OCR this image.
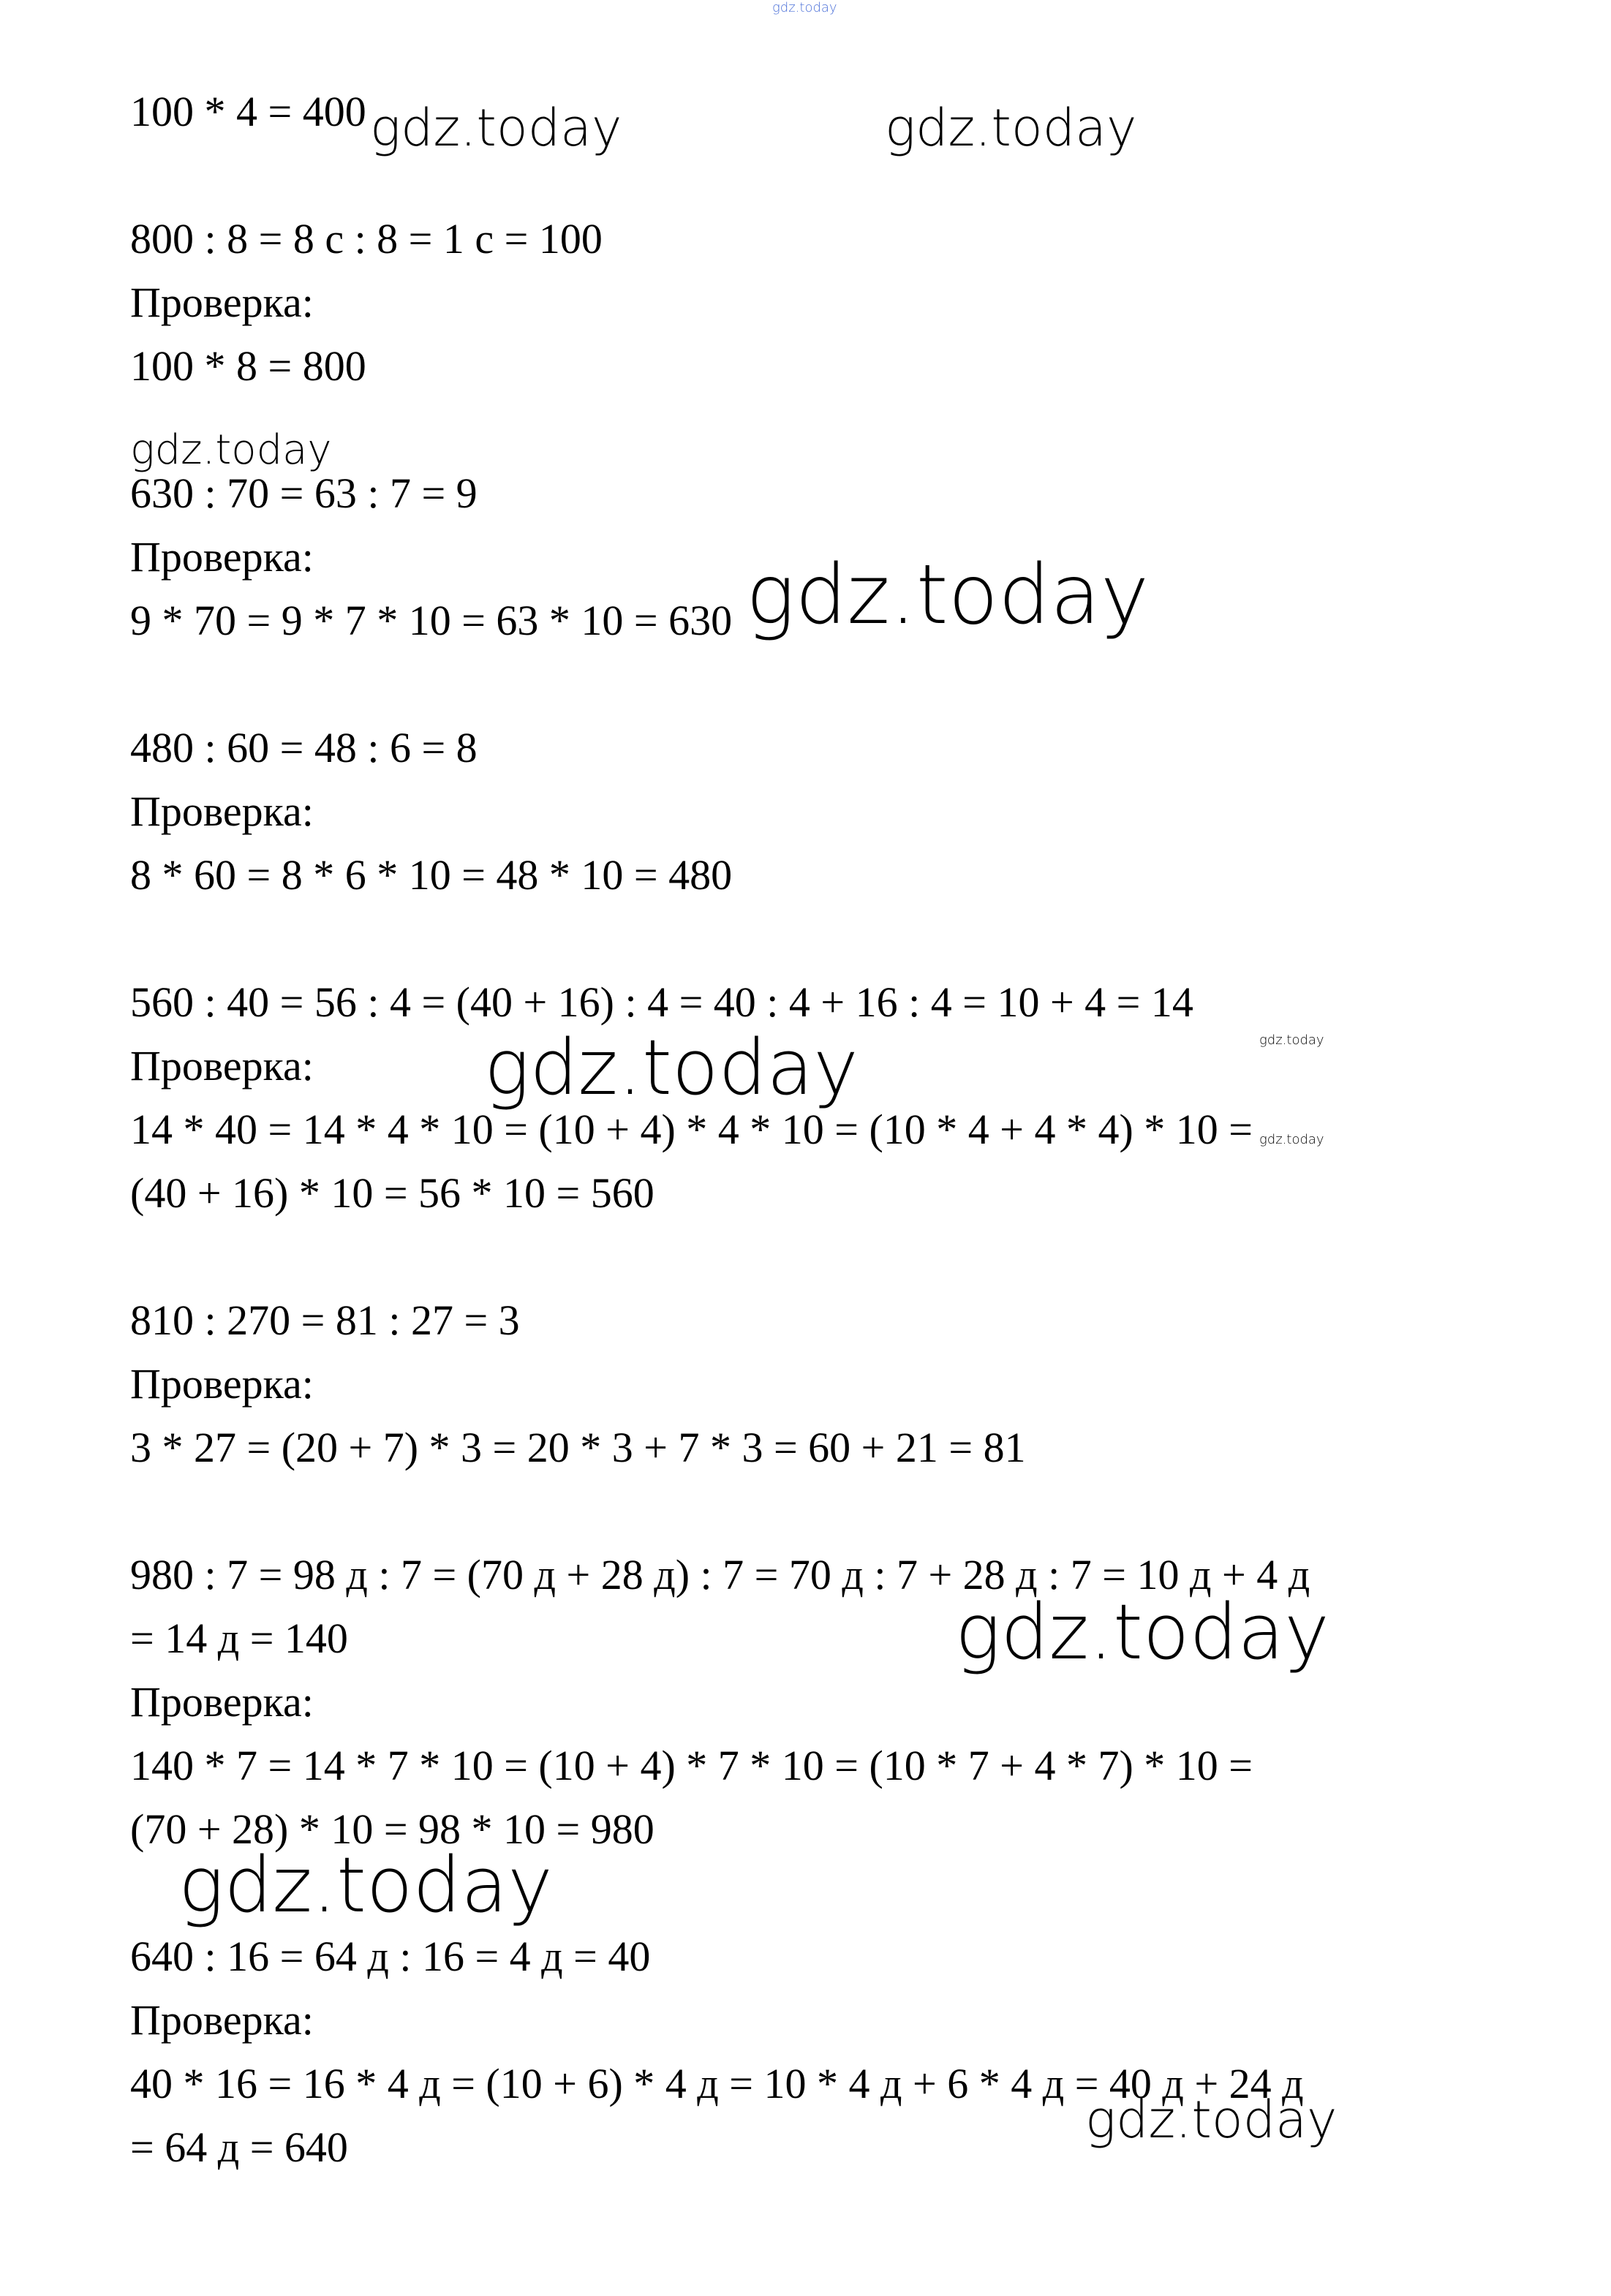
gdz.today
100 * 4 = 400
800 : 8 = 8 с : 8 = 1 с = 100
Проверка:
100 * 8 = 800
630 : 70 = 63 : 7 = 9
Проверка:
9 * 70 = 9 * 7 * 10 = 63 * 10 = 630
480 : 60 = 48 : 6 = 8
Проверка:
8 * 60 = 8 * 6 * 10 = 48 * 10 = 480
560 : 40 = 56 : 4 = (40 + 16) : 4 = 40 : 4 + 16 : 4 = 10 + 4 = 14
Проверка:
14 * 40 = 14 * 4 * 10 = (10 + 4) * 4 * 10 = (10 * 4 + 4 * 4) * 10 =
(40 + 16) * 10 = 56 * 10 = 560
810 : 270 = 81 : 27 = 3
Проверка:
3 * 27 = (20 + 7) * 3 = 20 * 3 + 7 * 3 = 60 + 21 = 81
980 : 7 = 98 д : 7 = (70 д + 28 д) : 7 = 70 д : 7 + 28 д : 7 = 10 д + 4 д
= 14 д = 140
Проверка:
140 * 7 = 14 * 7 * 10 = (10 + 4) * 7 * 10 = (10 * 7 + 4 * 7) * 10 =
(70 + 28) * 10 = 98 * 10 = 980
640 : 16 = 64 д : 16 = 4 д = 40
Проверка:
40 * 16 = 16 * 4 д = (10 + 6) * 4 д = 10 * 4 д + 6 * 4 д = 40 д + 24 д
= 64 д = 640
gdz.today	gdz.today
gdz.today
gdz.today
gdz.today	gdz.today
gdz.today
gdz.today
gdz.today
gdz.today
